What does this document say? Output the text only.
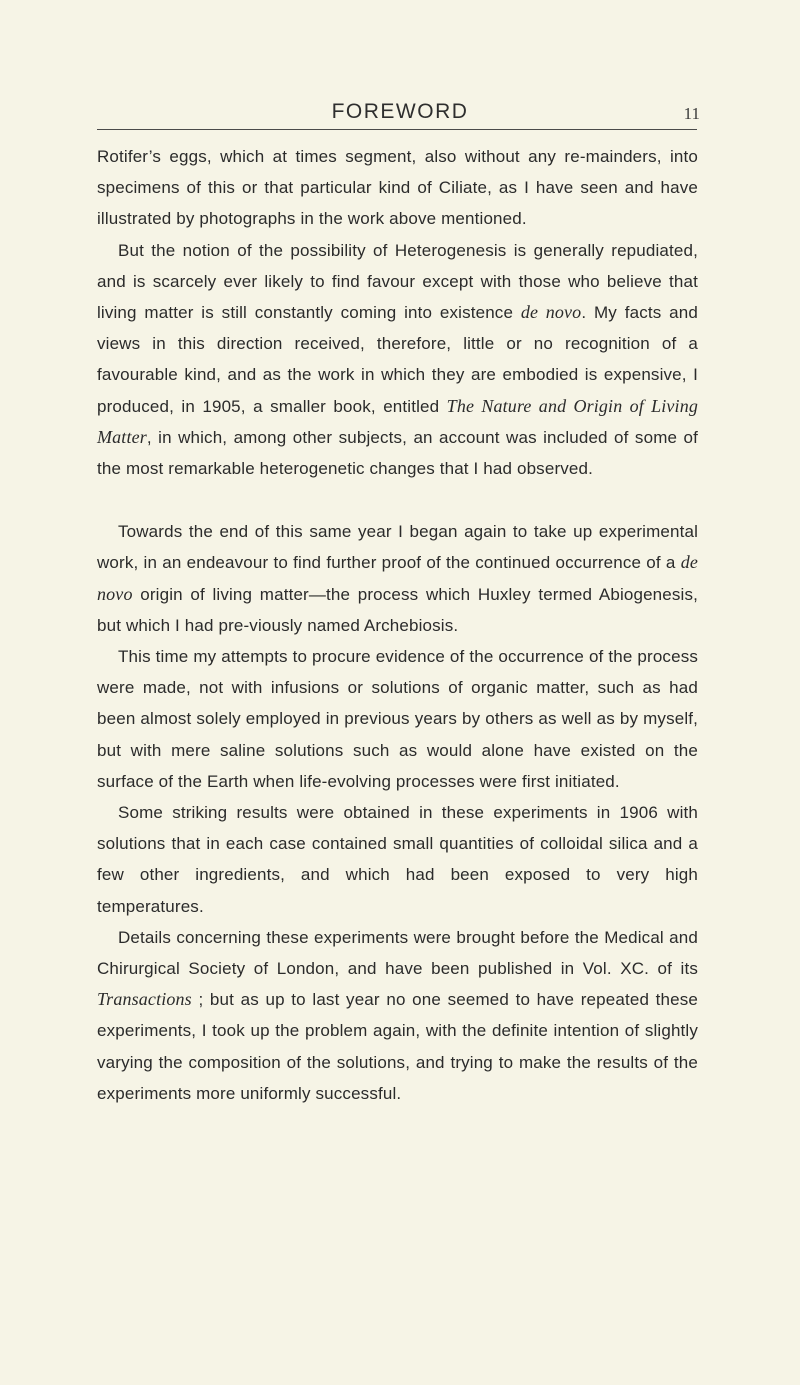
FOREWORD	11

Rotifer’s eggs, which at times segment, also without any re-mainders, into specimens of this or that particular kind of Ciliate, as I have seen and have illustrated by photographs in the work above mentioned.

But the notion of the possibility of Heterogenesis is generally repudiated, and is scarcely ever likely to find favour except with those who believe that living matter is still constantly coming into existence de novo. My facts and views in this direction received, therefore, little or no recognition of a favourable kind, and as the work in which they are embodied is expensive, I produced, in 1905, a smaller book, entitled The Nature and Origin of Living Matter, in which, among other subjects, an account was included of some of the most remarkable heterogenetic changes that I had observed.

Towards the end of this same year I began again to take up experimental work, in an endeavour to find further proof of the continued occurrence of a de novo origin of living matter—the process which Huxley termed Abiogenesis, but which I had pre-viously named Archebiosis.

This time my attempts to procure evidence of the occurrence of the process were made, not with infusions or solutions of organic matter, such as had been almost solely employed in previous years by others as well as by myself, but with mere saline solutions such as would alone have existed on the surface of the Earth when life-evolving processes were first initiated.

Some striking results were obtained in these experiments in 1906 with solutions that in each case contained small quantities of colloidal silica and a few other ingredients, and which had been exposed to very high temperatures.

Details concerning these experiments were brought before the Medical and Chirurgical Society of London, and have been published in Vol. XC. of its Transactions ; but as up to last year no one seemed to have repeated these experiments, I took up the problem again, with the definite intention of slightly varying the composition of the solutions, and trying to make the results of the experiments more uniformly successful.
